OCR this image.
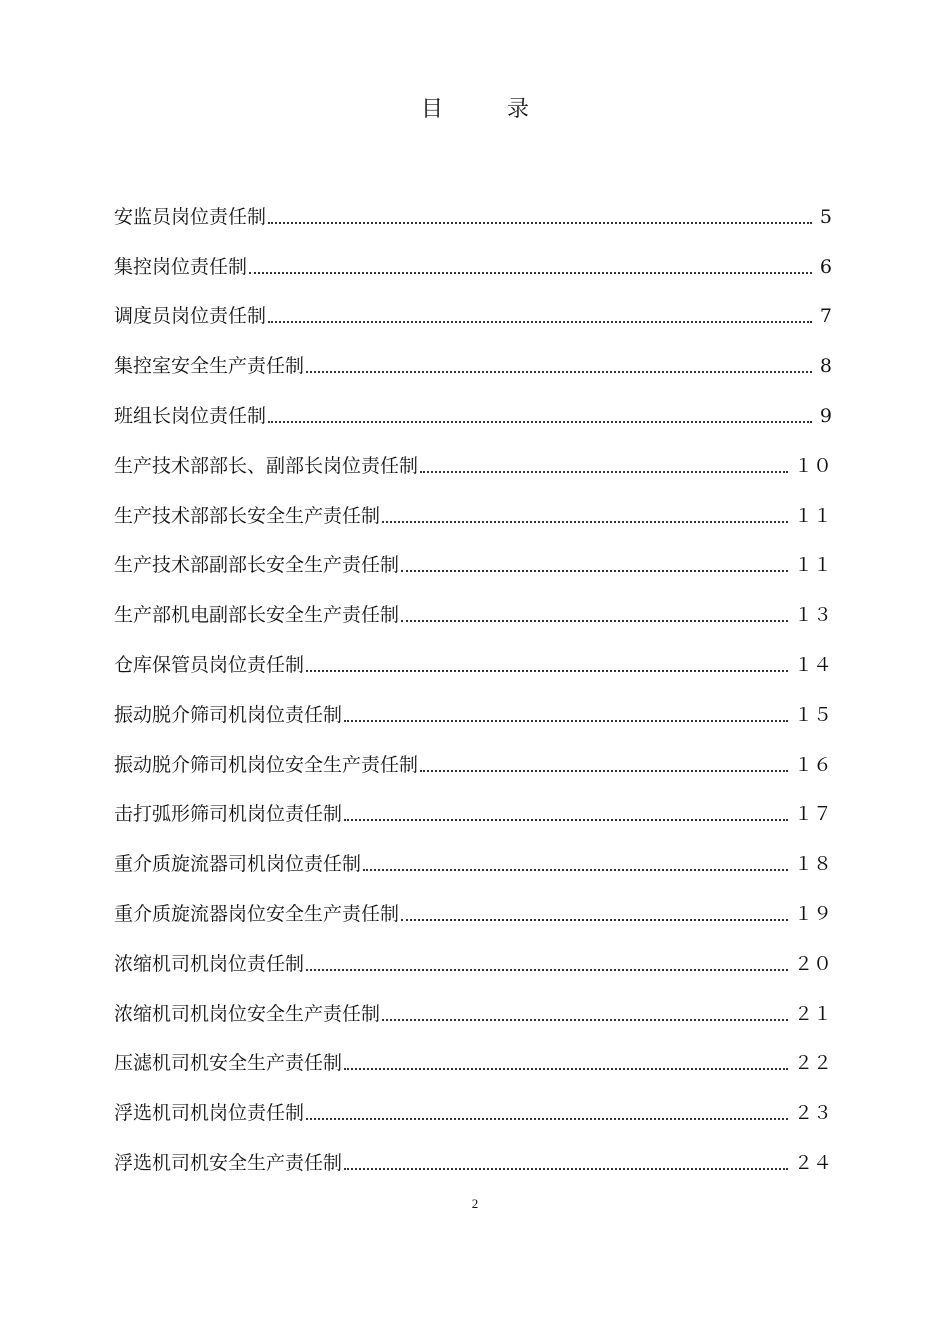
目	录
安监员岗位责任制	5
集控岗位责任制	6
调度员岗位责任制	7
集控室安全生产责任制	8
班组长岗位责任制	9
生产技术部部长、副部长岗位责任制	１０
生产技术部部长安全生产责任制	１１
生产技术部副部长安全生产责任制	１１
生产部机电副部长安全生产责任制	１３
仓库保管员岗位责任制	１４
振动脱介筛司机岗位责任制	１５
振动脱介筛司机岗位安全生产责任制	１６
击打弧形筛司机岗位责任制	１７
重介质旋流器司机岗位责任制	１８
重介质旋流器岗位安全生产责任制	１９
浓缩机司机岗位责任制	２０
浓缩机司机岗位安全生产责任制	２１
压滤机司机安全生产责任制	２２
浮选机司机岗位责任制	２３
浮选机司机安全生产责任制	２４
2
